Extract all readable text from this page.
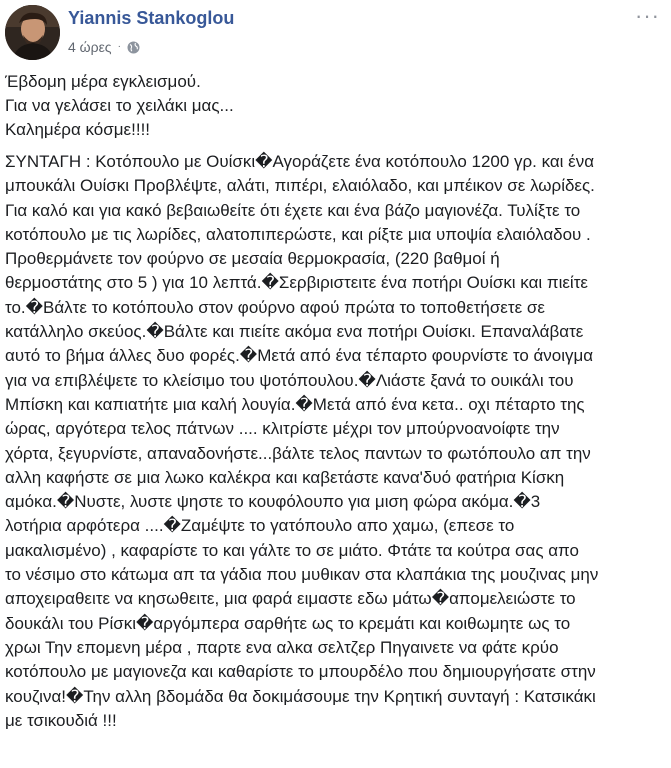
Yiannis Stankoglou
4 ώρες ·
···
Έβδομη μέρα εγκλεισμού.
Για να γελάσει το χειλάκι μας...
Καλημέρα κόσμε!!!!
ΣΥΝΤΑΓΗ : Κοτόπουλο με Ουίσκι�Αγοράζετε ένα κοτόπουλο 1200 γρ. και ένα
μπουκάλι Ουίσκι Προβλέψτε, αλάτι, πιπέρι, ελαιόλαδο, και μπέικον σε λωρίδες.
Για καλό και για κακό βεβαιωθείτε ότι έχετε και ένα βάζο μαγιονέζα. Τυλίξτε το
κοτόπουλο με τις λωρίδες, αλατοπιπερώστε, και ρίξτε μια υποψία ελαιόλαδου .
Προθερμάνετε τον φούρνο σε μεσαία θερμοκρασία, (220 βαθμοί ή
θερμοστάτης στο 5 ) για 10 λεπτά.�Σερβιριστειτε ένα ποτήρι Ουίσκι και πιείτε
το.�Βάλτε το κοτόπουλο στον φούρνο αφού πρώτα το τοποθετήσετε σε
κατάλληλο σκεύος.�Βάλτε και πιείτε ακόμα ενα ποτήρι Ουίσκι. Επαναλάβατε
αυτό το βήμα άλλες δυο φορές.�Μετά από ένα τέπαρτο φουρνίστε το άνοιγμα
για να επιβλέψετε το κλείσιμο του ψοτόπουλου.�Λιάστε ξανά το ουικάλι του
Μπίσκη και καπιατήτε μια καλή λουγία.�Μετά από ένα κετα.. οχι πέταρτο της
ώρας, αργότερα τελος πάτνων .... κλιτρίστε μέχρι τον μπούρνοανοίφτε την
χόρτα, ξεγυρνίστε, απαναδονήστε...βάλτε τελος παντων το φωτόπουλο απ την
αλλη καφήστε σε μια λωκο καλέκρα και καβετάστε κανα'δυό φατήρια Κίσκη
αμόκα.�Νυστε, λυστε ψηστε το κουφόλουπο για μιση φώρα ακόμα.�3
λοτήρια αρφότερα ....�Ζαμέψτε το γατόπουλο απο χαμω, (επεσε το
μακαλισμένο) , καφαρίστε το και γάλτε το σε μιάτο. Φτάτε τα κούτρα σας απο
το νέσιμο στο κάτωμα απ τα γάδια που μυθικαν στα κλαπάκια της μουζινας μην
αποχειραθειτε να κησωθειτε, μια φαρά ειμαστε εδω μάτω�απομελειώστε το
δουκάλι του Ρίσκι�αργόμπερα σαρθήτε ως το κρεμάτι και κοιθωμητε ως το
χρωι Την επομενη μέρα , παρτε ενα αλκα σελτζερ Πηγαινετε να φάτε κρύο
κοτόπουλο με μαγιονεζα και καθαρίστε το μπουρδέλο που δημιουργήσατε στην
κουζινα!�Την αλλη βδομάδα θα δοκιμάσουμε την Κρητική συνταγή : Κατσικάκι
με τσικουδιά !!!
